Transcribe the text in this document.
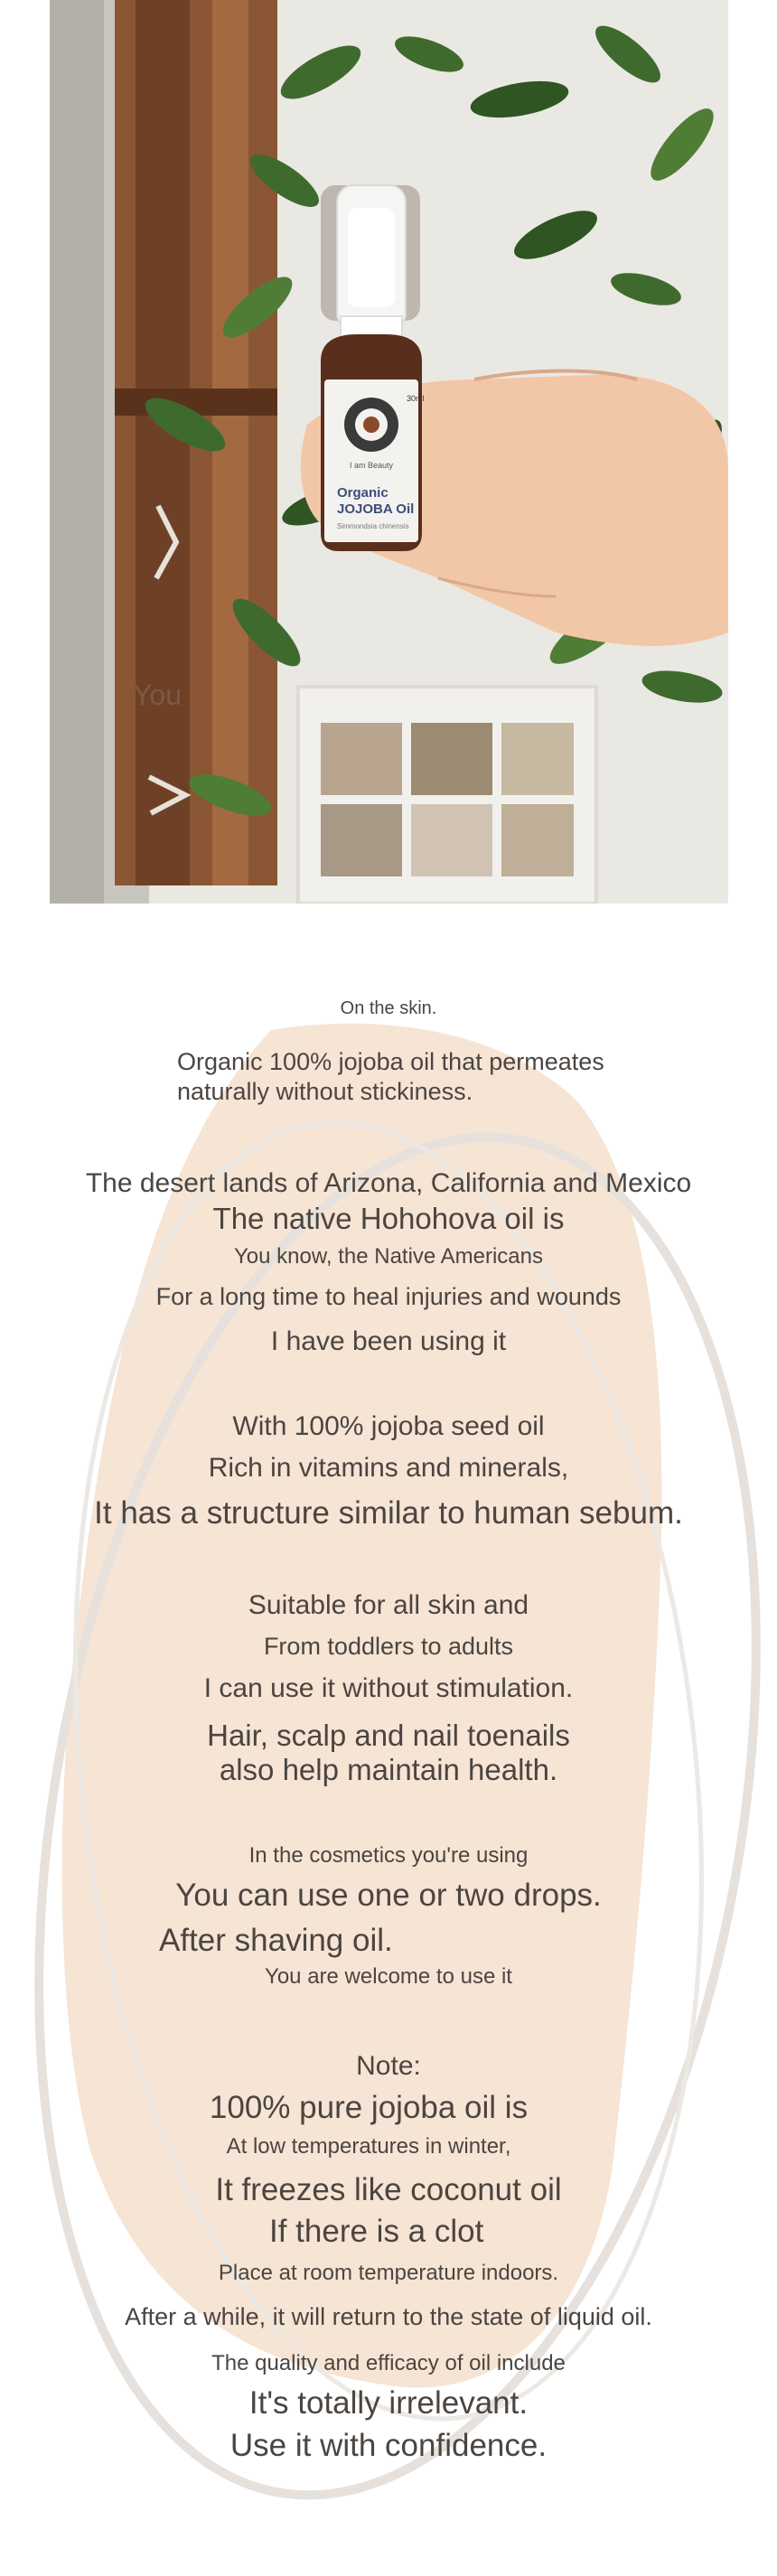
You
30ml
I am Beauty
Organic
JOJOBA Oil
Simmondsia chinensis
On the skin.
Organic 100% jojoba oil that permeates
naturally without stickiness.
The desert lands of Arizona, California and Mexico
The native Hohohova oil is
You know, the Native Americans
For a long time to heal injuries and wounds
I have been using it
With 100% jojoba seed oil
Rich in vitamins and minerals,
It has a structure similar to human sebum.
Suitable for all skin and
From toddlers to adults
I can use it without stimulation.
Hair, scalp and nail toenails
also help maintain health.
In the cosmetics you're using
You can use one or two drops.
After shaving oil.
You are welcome to use it
Note:
100% pure jojoba oil is
At low temperatures in winter,
It freezes like coconut oil
If there is a clot
Place at room temperature indoors.
After a while, it will return to the state of liquid oil.
The quality and efficacy of oil include
It's totally irrelevant.
Use it with confidence.
